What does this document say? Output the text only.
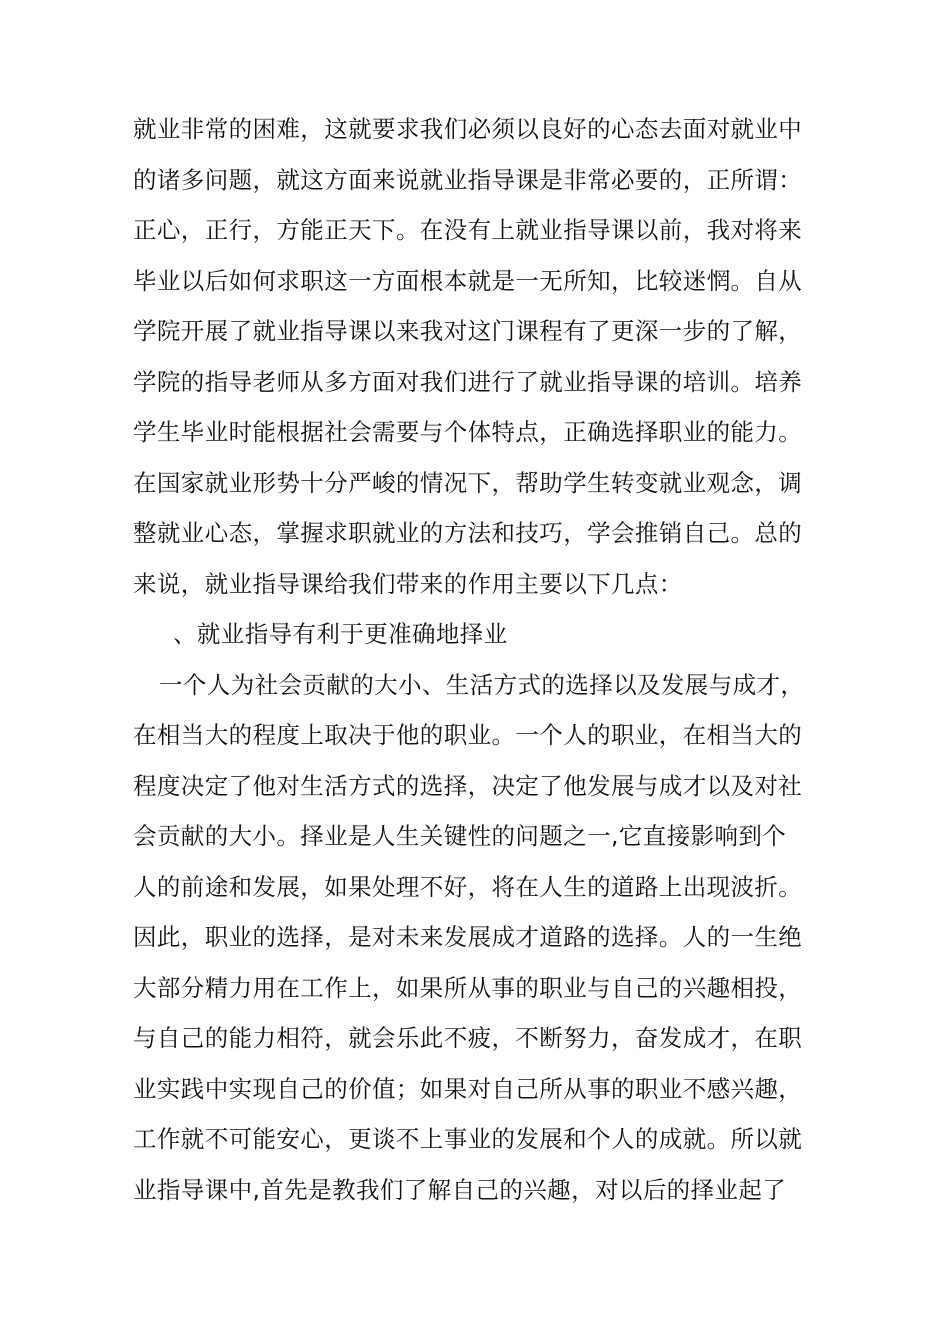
就业非常的困难，这就要求我们必须以良好的心态去面对就业中
的诸多问题，就这方面来说就业指导课是非常必要的，正所谓：
正心，正行，方能正天下。在没有上就业指导课以前，我对将来
毕业以后如何求职这一方面根本就是一无所知，比较迷惘。自从
学院开展了就业指导课以来我对这门课程有了更深一步的了解，
学院的指导老师从多方面对我们进行了就业指导课的培训。培养
学生毕业时能根据社会需要与个体特点，正确选择职业的能力。
在国家就业形势十分严峻的情况下，帮助学生转变就业观念，调
整就业心态，掌握求职就业的方法和技巧，学会推销自己。总的
来说，就业指导课给我们带来的作用主要以下几点：
、就业指导有利于更准确地择业
一个人为社会贡献的大小、生活方式的选择以及发展与成才，
在相当大的程度上取决于他的职业。一个人的职业，在相当大的
程度决定了他对生活方式的选择，决定了他发展与成才以及对社
会贡献的大小。择业是人生关键性的问题之一,它直接影响到个
人的前途和发展，如果处理不好，将在人生的道路上出现波折。
因此，职业的选择，是对未来发展成才道路的选择。人的一生绝
大部分精力用在工作上，如果所从事的职业与自己的兴趣相投，
与自己的能力相符，就会乐此不疲，不断努力，奋发成才，在职
业实践中实现自己的价值；如果对自己所从事的职业不感兴趣，
工作就不可能安心，更谈不上事业的发展和个人的成就。所以就
业指导课中,首先是教我们了解自己的兴趣，对以后的择业起了
